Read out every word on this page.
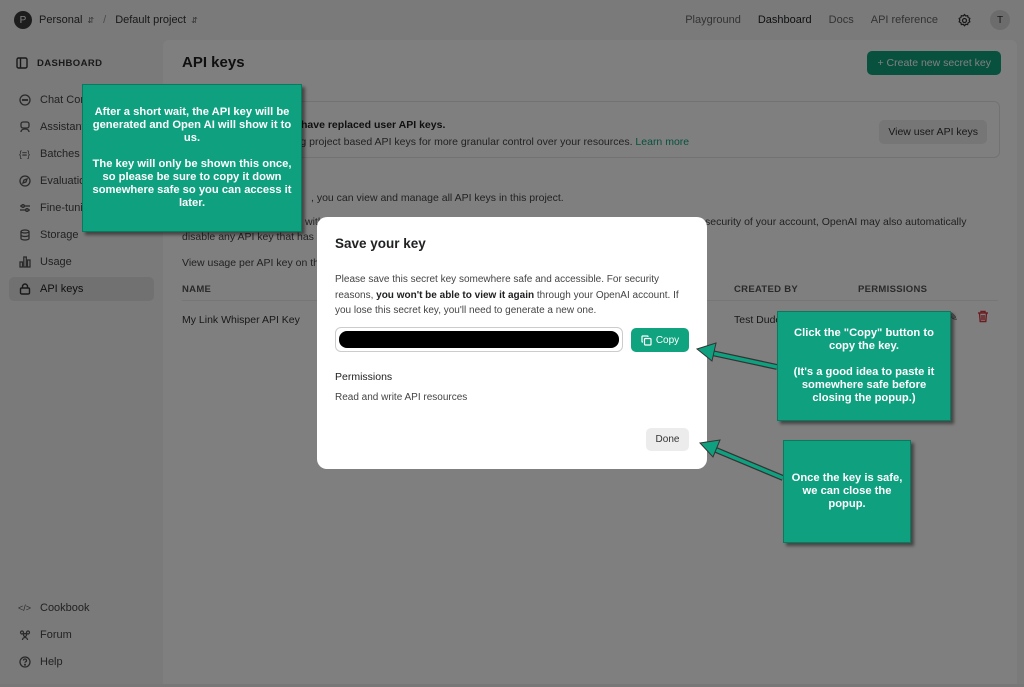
Save your key
Please save this secret key somewhere safe and accessible. For security reasons, you won't be able to view it again through your OpenAI account. If you lose this secret key, you'll need to generate a new one.
Copy
Permissions
Read and write API resources
Done
After a short wait, the API key will be generated and Open AI will show it to us.

The key will only be shown this once, so please be sure to copy it down somewhere safe so you can access it later.
Click the "Copy" button to copy the key.

(It's a good idea to paste it somewhere safe before closing the popup.)
Once the key is safe, we can close the popup.
